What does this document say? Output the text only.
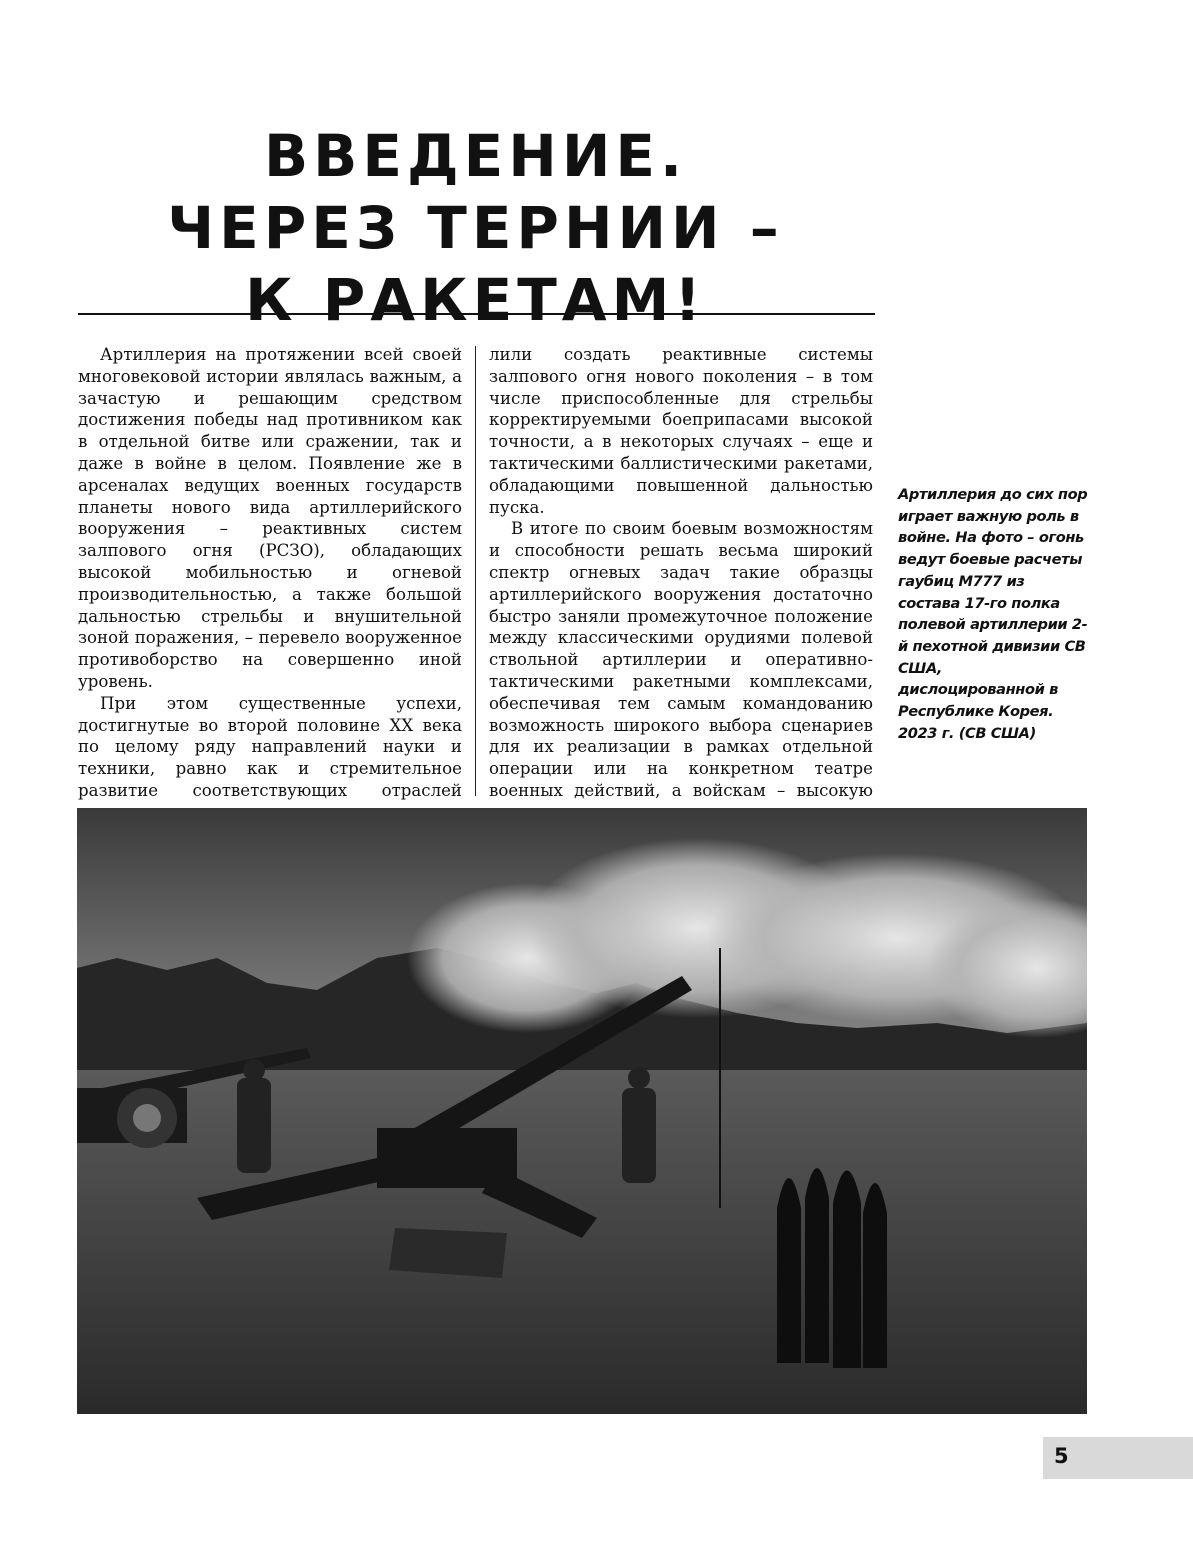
ВВЕДЕНИЕ.
ЧЕРЕЗ ТЕРНИИ –
К РАКЕТАМ!

Артиллерия на протяжении всей своей многовековой истории являлась важным, а зачастую и решающим средством достижения победы над противником как в отдельной битве или сражении, так и даже в войне в целом. Появление же в арсеналах ведущих военных государств планеты нового вида артиллерийского вооружения – реактивных систем залпового огня (РСЗО), обладающих высокой мобильностью и огневой производительностью, а также большой дальностью стрельбы и внушительной зоной поражения, – перевело вооруженное противоборство на совершенно иной уровень.

При этом существенные успехи, достигнутые во второй половине XX века по целому ряду направлений науки и техники, равно как и стремительное развитие соответствующих отраслей

лили создать реактивные системы залпового огня нового поколения – в том числе приспособленные для стрельбы корректируемыми боеприпасами высокой точности, а в некоторых случаях – еще и тактическими баллистическими ракетами, обладающими повышенной дальностью пуска.

В итоге по своим боевым возможностям и способности решать весьма широкий спектр огневых задач такие образцы артиллерийского вооружения достаточно быстро заняли промежуточное положение между классическими орудиями полевой ствольной артиллерии и оперативно-тактическими ракетными комплексами, обеспечивая тем самым командованию возможность широкого выбора сценариев для их реализации в рамках отдельной операции или на конкретном театре военных действий, а войскам – высокую

Артиллерия до сих пор играет важную роль в войне. На фото – огонь ведут боевые расчеты гаубиц M777 из состава 17-го полка полевой артиллерии 2-й пехотной дивизии СВ США, дислоцированной в Республике Корея. 2023 г. (СВ США)
5
